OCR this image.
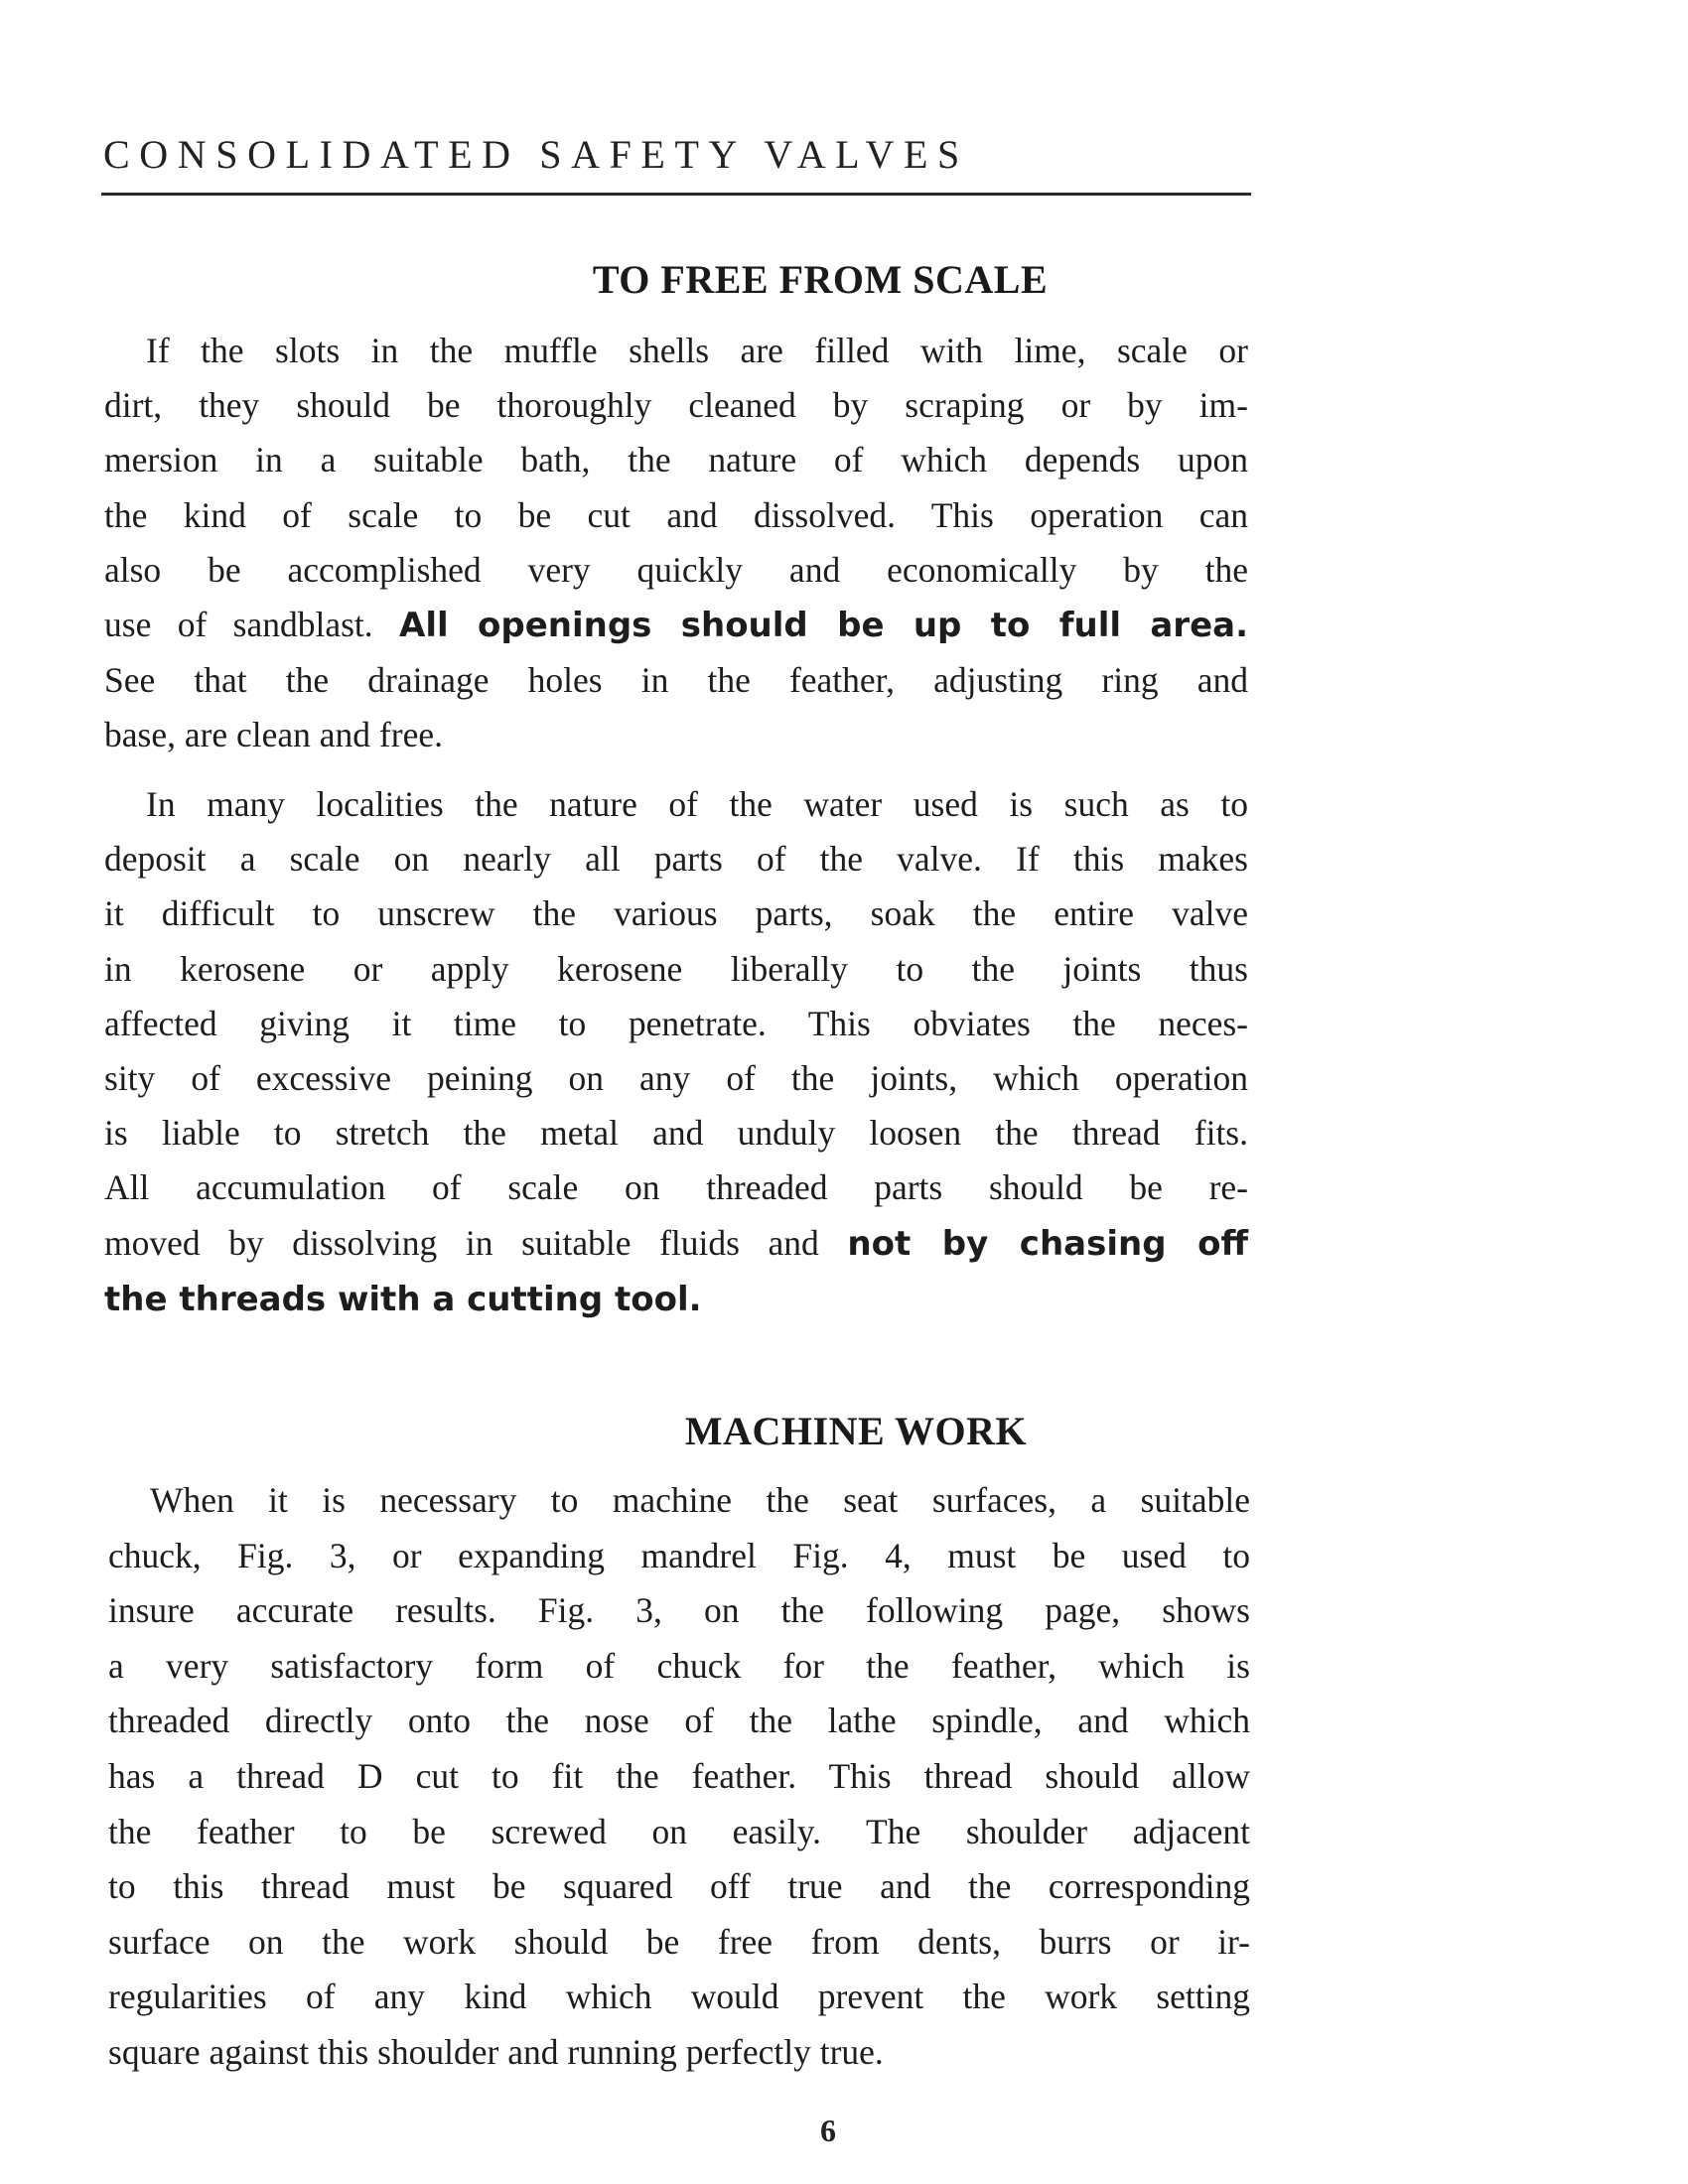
CONSOLIDATED SAFETY VALVES
TO FREE FROM SCALE
If the slots in the muffle shells are filled with lime, scale or
dirt, they should be thoroughly cleaned by scraping or by im-
mersion in a suitable bath, the nature of which depends upon
the kind of scale to be cut and dissolved. This operation can
also be accomplished very quickly and economically by the
use of sandblast. All openings should be up to full area.
See that the drainage holes in the feather, adjusting ring and
base, are clean and free.
In many localities the nature of the water used is such as to
deposit a scale on nearly all parts of the valve. If this makes
it difficult to unscrew the various parts, soak the entire valve
in kerosene or apply kerosene liberally to the joints thus
affected giving it time to penetrate. This obviates the neces-
sity of excessive peining on any of the joints, which operation
is liable to stretch the metal and unduly loosen the thread fits.
All accumulation of scale on threaded parts should be re-
moved by dissolving in suitable fluids and not by chasing off
the threads with a cutting tool.
MACHINE WORK
When it is necessary to machine the seat surfaces, a suitable
chuck, Fig. 3, or expanding mandrel Fig. 4, must be used to
insure accurate results. Fig. 3, on the following page, shows
a very satisfactory form of chuck for the feather, which is
threaded directly onto the nose of the lathe spindle, and which
has a thread D cut to fit the feather. This thread should allow
the feather to be screwed on easily. The shoulder adjacent
to this thread must be squared off true and the corresponding
surface on the work should be free from dents, burrs or ir-
regularities of any kind which would prevent the work setting
square against this shoulder and running perfectly true.
6
